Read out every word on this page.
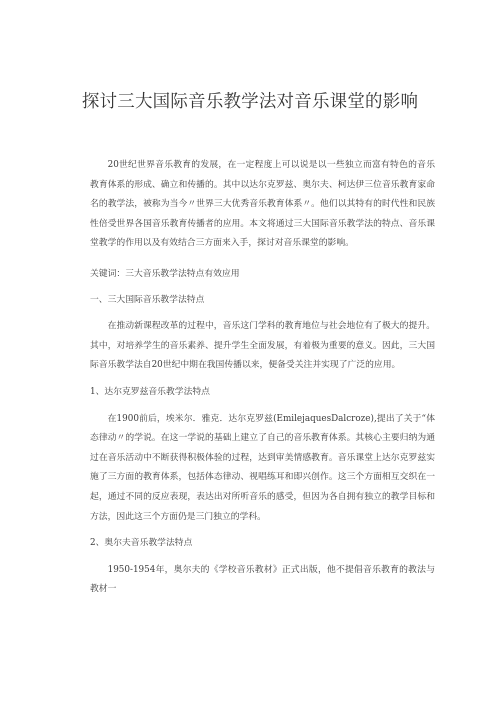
探讨三大国际音乐教学法对音乐课堂的影响

20世纪世界音乐教育的发展，在一定程度上可以说是以一些独立而富有特色的音乐教育体系的形成、确立和传播的。其中以达尔克罗兹、奥尔夫、柯达伊三位音乐教育家命名的教学法，被称为当今〃世界三大优秀音乐教育体系〃。他们以其特有的时代性和民族性倍受世界各国音乐教育传播者的应用。本文将通过三大国际音乐教学法的特点、音乐课堂教学的作用以及有效结合三方面来入手，探讨对音乐课堂的影响。

关键词：三大音乐教学法特点有效应用

一、三大国际音乐教学法特点

在推动新课程改革的过程中，音乐这门学科的教育地位与社会地位有了极大的提升。其中，对培养学生的音乐素养、提升学生全面发展，有着极为重要的意义。因此，三大国际音乐教学法自20世纪中期在我国传播以来，便备受关注并实现了广泛的应用。

1、达尔克罗兹音乐教学法特点

在1900前后，埃米尔．雅克．达尔克罗兹(EmilejaquesDalcroze),提出了关于“体态律动〃的学说。在这一学说的基础上建立了自己的音乐教育体系。其核心主要归纳为通过在音乐活动中不断获得积极体验的过程，达到审美情感教育。音乐课堂上达尔克罗兹实施了三方面的教育体系，包括体态律动、视唱练耳和即兴创作。这三个方面相互交织在一起，通过不同的反应表现，表达出对所听音乐的感受，但因为各自拥有独立的教学目标和方法，因此这三个方面仍是三门独立的学科。

2、奥尔夫音乐教学法特点

1950-1954年，奥尔夫的《学校音乐教材》正式出版，他不提倡音乐教育的教法与教材一
